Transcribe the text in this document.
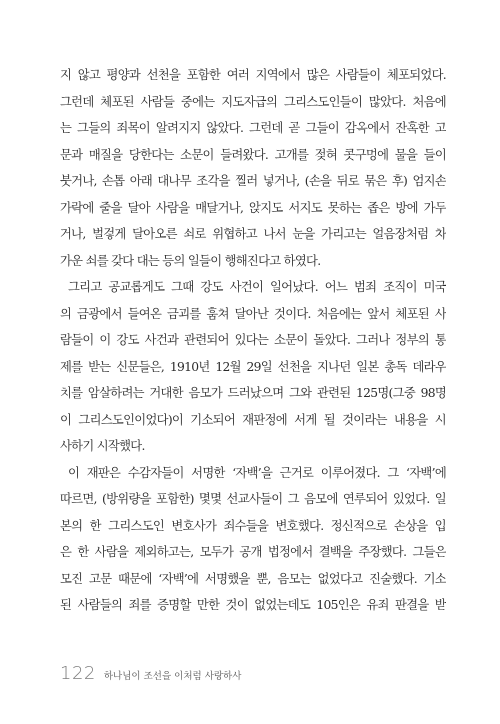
지 않고 평양과 선천을 포함한 여러 지역에서 많은 사람들이 체포되었다.
그런데 체포된 사람들 중에는 지도자급의 그리스도인들이 많았다. 처음에
는 그들의 죄목이 알려지지 않았다. 그런데 곧 그들이 감옥에서 잔혹한 고
문과 매질을 당한다는 소문이 들려왔다. 고개를 젖혀 콧구멍에 물을 들이
붓거나, 손톱 아래 대나무 조각을 찔러 넣거나, (손을 뒤로 묶은 후) 엄지손
가락에 줄을 달아 사람을 매달거나, 앉지도 서지도 못하는 좁은 방에 가두
거나, 벌겋게 달아오른 쇠로 위협하고 나서 눈을 가리고는 얼음장처럼 차
가운 쇠를 갖다 대는 등의 일들이 행해진다고 하였다.
그리고 공교롭게도 그때 강도 사건이 일어났다. 어느 범죄 조직이 미국
의 금광에서 들여온 금괴를 훔쳐 달아난 것이다. 처음에는 앞서 체포된 사
람들이 이 강도 사건과 관련되어 있다는 소문이 돌았다. 그러나 정부의 통
제를 받는 신문들은, 1910년 12월 29일 선천을 지나던 일본 총독 데라우
치를 암살하려는 거대한 음모가 드러났으며 그와 관련된 125명(그중 98명
이 그리스도인이었다)이 기소되어 재판정에 서게 될 것이라는 내용을 시
사하기 시작했다.
이 재판은 수감자들이 서명한 ‘자백’을 근거로 이루어졌다. 그 ‘자백’에
따르면, (방위량을 포함한) 몇몇 선교사들이 그 음모에 연루되어 있었다. 일
본의 한 그리스도인 변호사가 죄수들을 변호했다. 정신적으로 손상을 입
은 한 사람을 제외하고는, 모두가 공개 법정에서 결백을 주장했다. 그들은
모진 고문 때문에 ‘자백’에 서명했을 뿐, 음모는 없었다고 진술했다. 기소
된 사람들의 죄를 증명할 만한 것이 없었는데도 105인은 유죄 판결을 받
122 하나님이 조선을 이처럼 사랑하사
